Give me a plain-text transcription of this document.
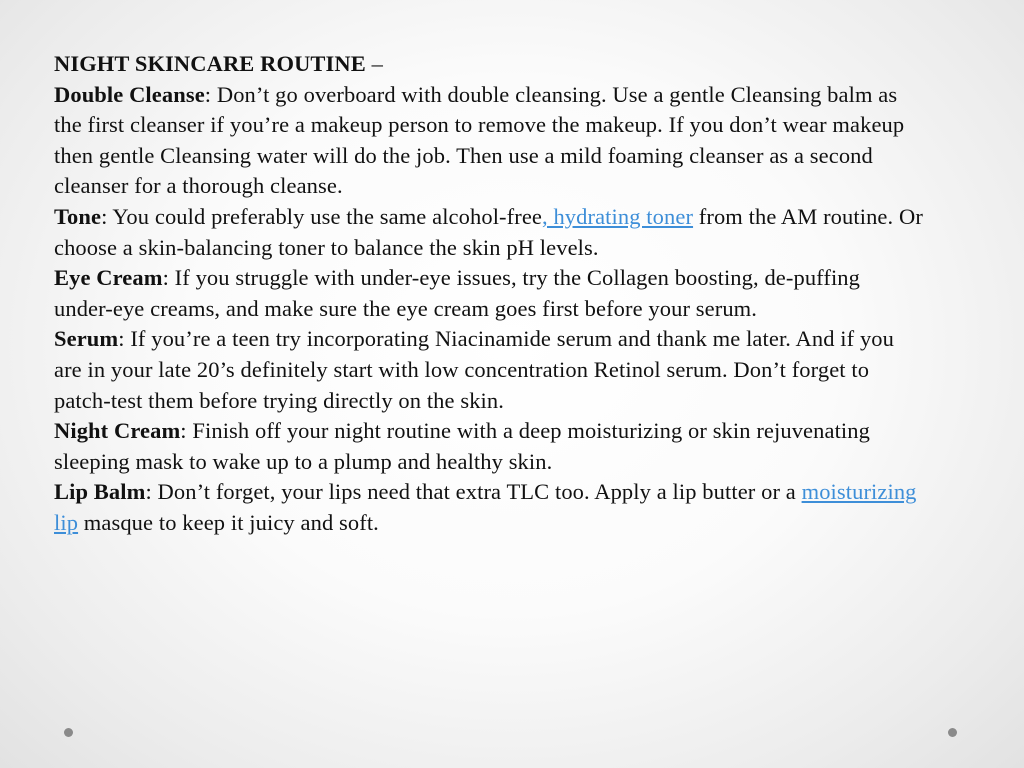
NIGHT SKINCARE ROUTINE –

Double Cleanse: Don’t go overboard with double cleansing. Use a gentle Cleansing balm as the first cleanser if you’re a makeup person to remove the makeup. If you don’t wear makeup then gentle Cleansing water will do the job. Then use a mild foaming cleanser as a second cleanser for a thorough cleanse.

Tone: You could preferably use the same alcohol-free, hydrating toner from the AM routine. Or choose a skin-balancing toner to balance the skin pH levels.

Eye Cream: If you struggle with under-eye issues, try the Collagen boosting, de-puffing under-eye creams, and make sure the eye cream goes first before your serum.

Serum: If you’re a teen try incorporating Niacinamide serum and thank me later. And if you are in your late 20’s definitely start with low concentration Retinol serum. Don’t forget to patch-test them before trying directly on the skin.

Night Cream: Finish off your night routine with a deep moisturizing or skin rejuvenating sleeping mask to wake up to a plump and healthy skin.

Lip Balm: Don’t forget, your lips need that extra TLC too. Apply a lip butter or a moisturizing lip masque to keep it juicy and soft.
